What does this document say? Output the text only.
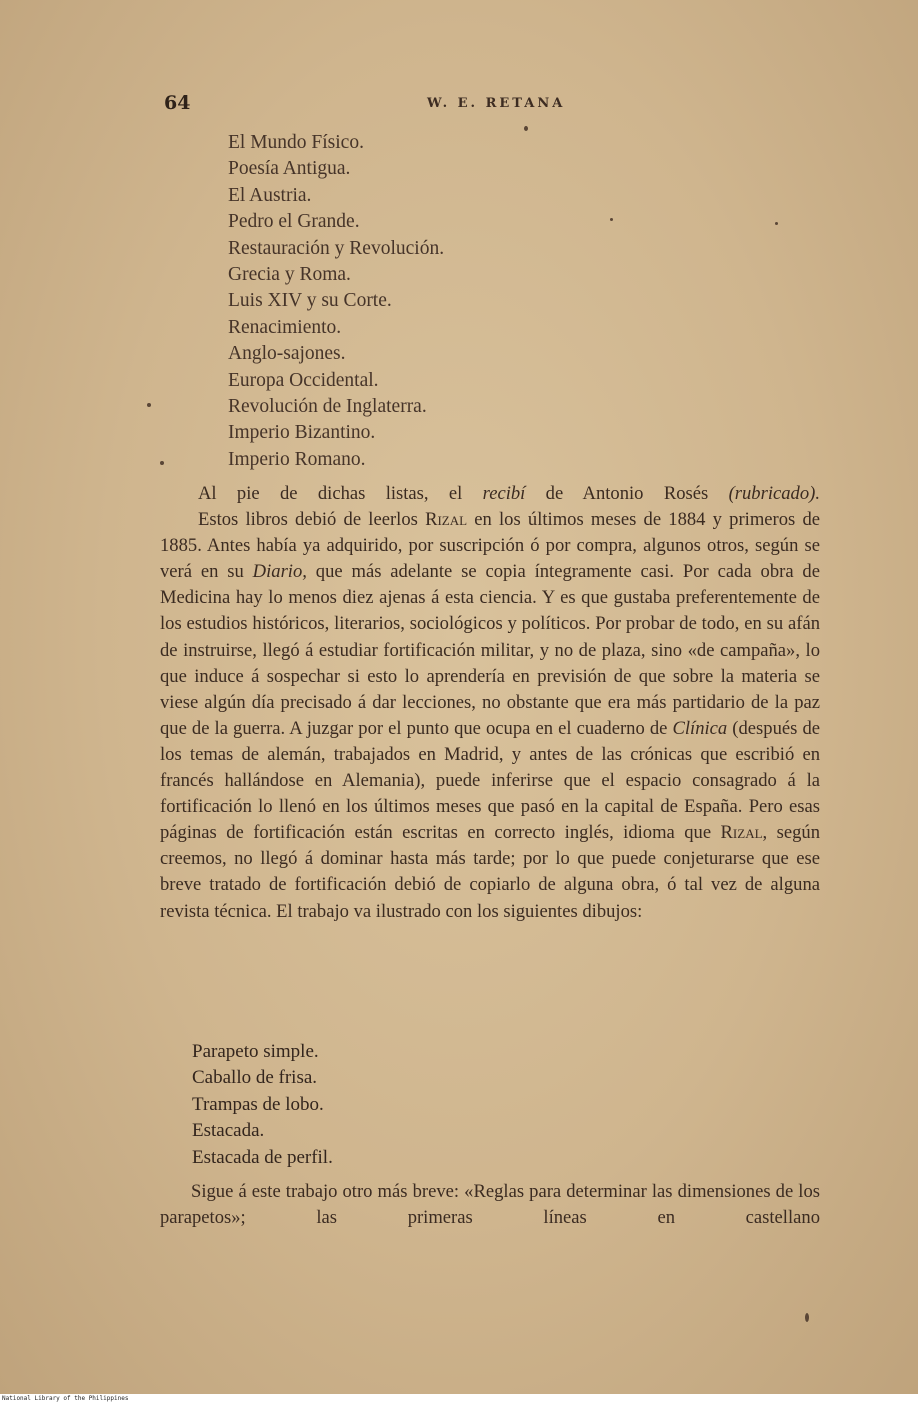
64	W. E. RETANA
El Mundo Físico.
Poesía Antigua.
El Austria.
Pedro el Grande.
Restauración y Revolución.
Grecia y Roma.
Luis XIV y su Corte.
Renacimiento.
Anglo-sajones.
Europa Occidental.
Revolución de Inglaterra.
Imperio Bizantino.
Imperio Romano.

Al pie de dichas listas, el recibí de Antonio Rosés (rubricado).

Estos libros debió de leerlos Rizal en los últimos meses de 1884 y primeros de 1885. Antes había ya adquirido, por suscripción ó por compra, algunos otros, según se verá en su Diario, que más adelante se copia íntegramente casi. Por cada obra de Medicina hay lo menos diez ajenas á esta ciencia. Y es que gustaba preferentemente de los estudios históricos, literarios, sociológicos y políticos. Por probar de todo, en su afán de instruirse, llegó á estudiar fortificación militar, y no de plaza, sino «de campaña», lo que induce á sospechar si esto lo aprendería en previsión de que sobre la materia se viese algún día precisado á dar lecciones, no obstante que era más partidario de la paz que de la guerra. A juzgar por el punto que ocupa en el cuaderno de Clínica (después de los temas de alemán, trabajados en Madrid, y antes de las crónicas que escribió en francés hallándose en Alemania), puede inferirse que el espacio consagrado á la fortificación lo llenó en los últimos meses que pasó en la capital de España. Pero esas páginas de fortificación están escritas en correcto inglés, idioma que Rizal, según creemos, no llegó á dominar hasta más tarde; por lo que puede conjeturarse que ese breve tratado de fortificación debió de copiarlo de alguna obra, ó tal vez de alguna revista técnica. El trabajo va ilustrado con los siguientes dibujos:

Parapeto simple.
Caballo de frisa.
Trampas de lobo.
Estacada.
Estacada de perfil.

Sigue á este trabajo otro más breve: «Reglas para determinar las dimensiones de los parapetos»; las primeras líneas en castellano

National Library of the Philippines
